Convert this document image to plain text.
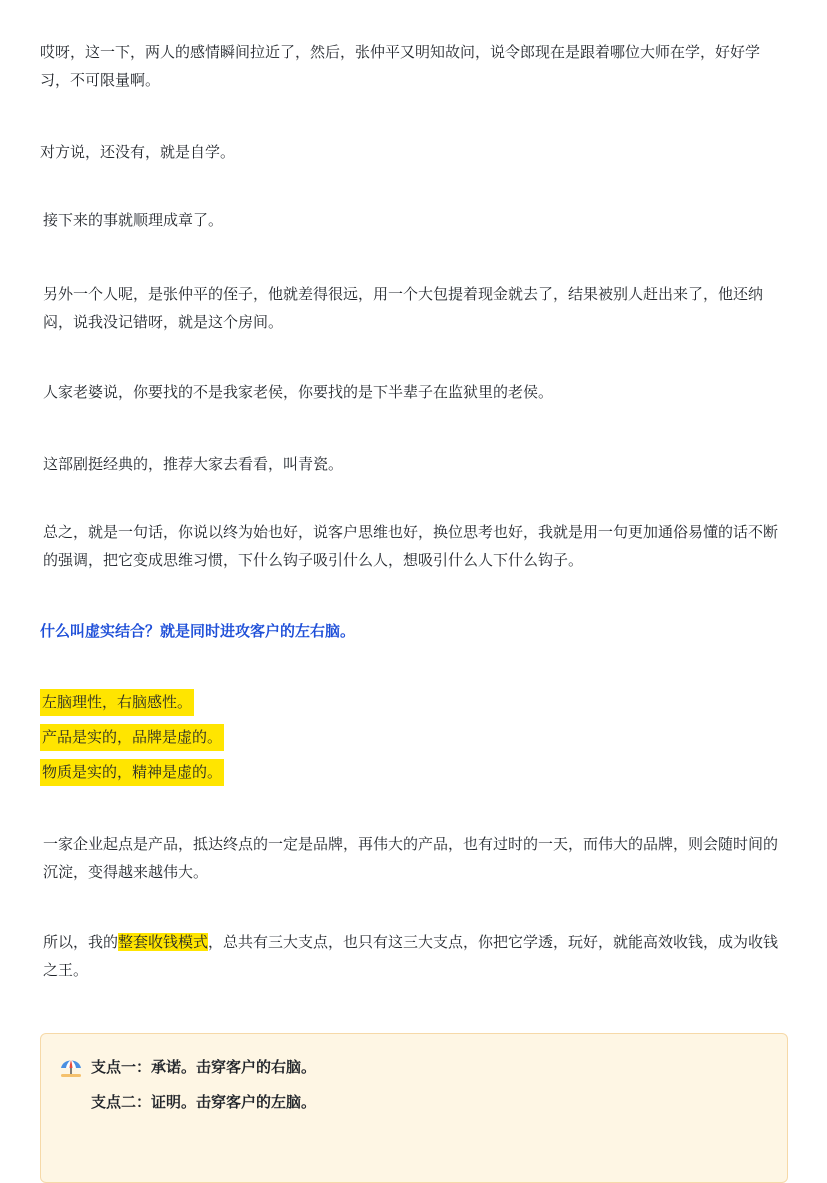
哎呀，这一下，两人的感情瞬间拉近了，然后，张仲平又明知故问，说令郎现在是跟着哪位大师在学，好好学习，不可限量啊。

对方说，还没有，就是自学。

接下来的事就顺理成章了。

另外一个人呢，是张仲平的侄子，他就差得很远，用一个大包提着现金就去了，结果被别人赶出来了，他还纳闷，说我没记错呀，就是这个房间。

人家老婆说，你要找的不是我家老侯，你要找的是下半辈子在监狱里的老侯。

这部剧挺经典的，推荐大家去看看，叫青瓷。

总之，就是一句话，你说以终为始也好，说客户思维也好，换位思考也好，我就是用一句更加通俗易懂的话不断的强调，把它变成思维习惯，下什么钩子吸引什么人，想吸引什么人下什么钩子。

什么叫虚实结合？就是同时进攻客户的左右脑。

左脑理性，右脑感性。
产品是实的，品牌是虚的。
物质是实的，精神是虚的。

一家企业起点是产品，抵达终点的一定是品牌，再伟大的产品，也有过时的一天，而伟大的品牌，则会随时间的沉淀，变得越来越伟大。

所以，我的整套收钱模式，总共有三大支点，也只有这三大支点，你把它学透，玩好，就能高效收钱，成为收钱之王。

支点一：承诺。击穿客户的右脑。
支点二：证明。击穿客户的左脑。
